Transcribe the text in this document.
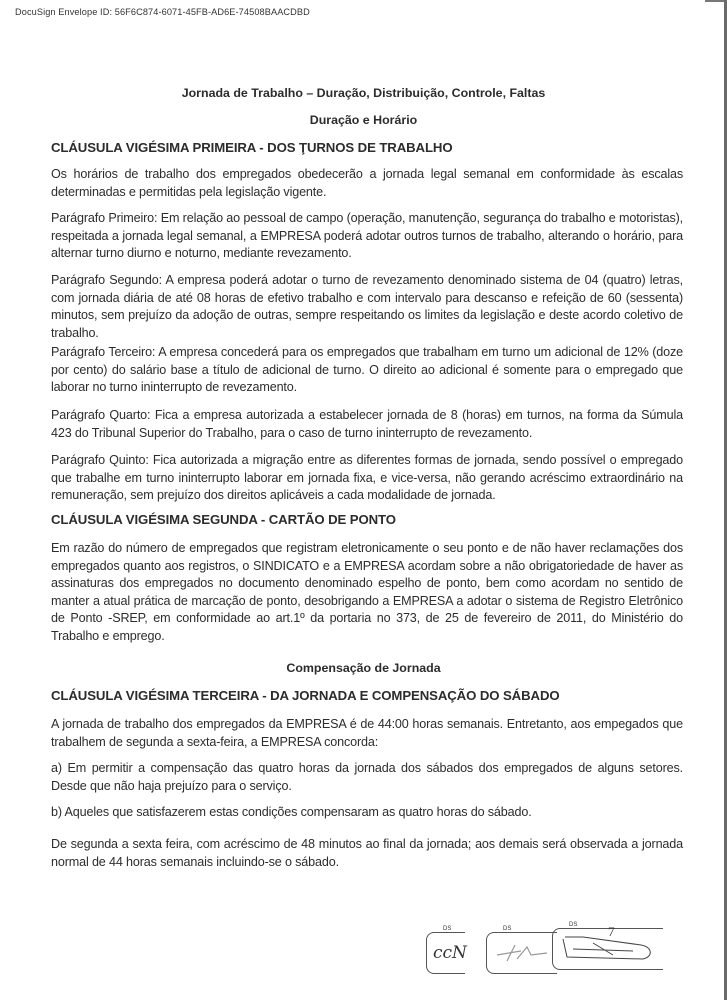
DocuSign Envelope ID: 56F6C874-6071-45FB-AD6E-74508BAACDBD
Jornada de Trabalho – Duração, Distribuição, Controle, Faltas
Duração e Horário
CLÁUSULA VIGÉSIMA PRIMEIRA - DOS ŢURNOS DE TRABALHO
Os horários de trabalho dos empregados obedecerão a jornada legal semanal em conformidade às escalas determinadas e permitidas pela legislação vigente.
Parágrafo Primeiro: Em relação ao pessoal de campo (operação, manutenção, segurança do trabalho e motoristas), respeitada a jornada legal semanal, a EMPRESA poderá adotar outros turnos de trabalho, alterando o horário, para alternar turno diurno e noturno, mediante revezamento.
Parágrafo Segundo: A empresa poderá adotar o turno de revezamento denominado sistema de 04 (quatro) letras, com jornada diária de até 08 horas de efetivo trabalho e com intervalo para descanso e refeição de 60 (sessenta) minutos, sem prejuízo da adoção de outras, sempre respeitando os limites da legislação e deste acordo coletivo de trabalho.
Parágrafo Terceiro: A empresa concederá para os empregados que trabalham em turno um adicional de 12% (doze por cento) do salário base a título de adicional de turno. O direito ao adicional é somente para o empregado que laborar no turno ininterrupto de revezamento.
Parágrafo Quarto: Fica a empresa autorizada a estabelecer jornada de 8 (horas) em turnos, na forma da Súmula 423 do Tribunal Superior do Trabalho, para o caso de turno ininterrupto de revezamento.
Parágrafo Quinto: Fica autorizada a migração entre as diferentes formas de jornada, sendo possível o empregado que trabalhe em turno ininterrupto laborar em jornada fixa, e vice-versa, não gerando acréscimo extraordinário na remuneração, sem prejuízo dos direitos aplicáveis a cada modalidade de jornada.
CLÁUSULA VIGÉSIMA SEGUNDA - CARTÃO DE PONTO
Em razão do número de empregados que registram eletronicamente o seu ponto e de não haver reclamações dos empregados quanto aos registros, o SINDICATO e a EMPRESA acordam sobre a não obrigatoriedade de haver as assinaturas dos empregados no documento denominado espelho de ponto, bem como acordam no sentido de manter a atual prática de marcação de ponto, desobrigando a EMPRESA a adotar o sistema de Registro Eletrônico de Ponto -SREP, em conformidade ao art.1º da portaria no 373, de 25 de fevereiro de 2011, do Ministério do Trabalho e emprego.
Compensação de Jornada
CLÁUSULA VIGÉSIMA TERCEIRA - DA JORNADA E COMPENSAÇÃO DO SÁBADO
A jornada de trabalho dos empregados da EMPRESA é de 44:00 horas semanais. Entretanto, aos empegados que trabalhem de segunda a sexta-feira, a EMPRESA concorda:
a) Em permitir a compensação das quatro horas da jornada dos sábados dos empregados de alguns setores. Desde que não haja prejuízo para o serviço.
b) Aqueles que satisfazerem estas condições compensaram as quatro horas do sábado.
De segunda a sexta feira, com acréscimo de 48 minutos ao final da jornada; aos demais será observada a jornada normal de 44 horas semanais incluindo-se o sábado.
DS
ccN
DS
DS 7
